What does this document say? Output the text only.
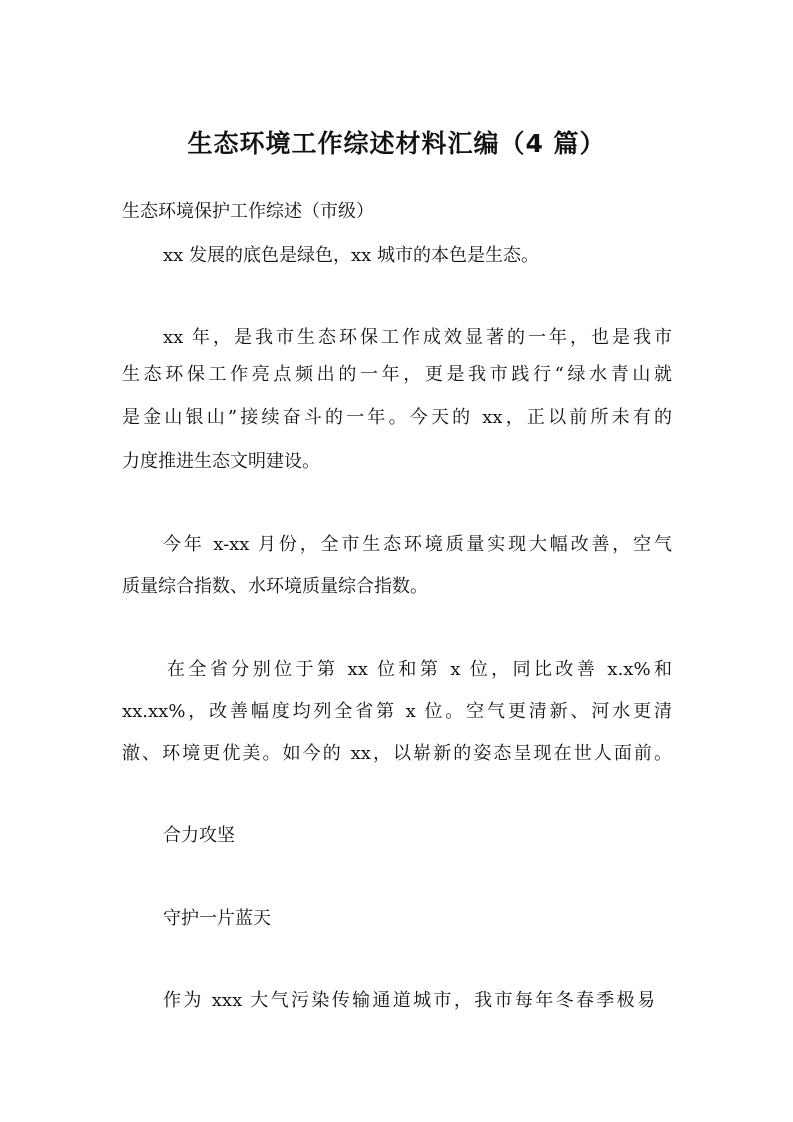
生态环境工作综述材料汇编（4 篇）
生态环境保护工作综述（市级）
xx 发展的底色是绿色，xx 城市的本色是生态。
xx 年，是我市生态环保工作成效显著的一年，也是我市
生态环保工作亮点频出的一年，更是我市践行“绿水青山就
是金山银山”接续奋斗的一年。今天的 xx，正以前所未有的
力度推进生态文明建设。
今年 x-xx 月份，全市生态环境质量实现大幅改善，空气
质量综合指数、水环境质量综合指数。
在全省分别位于第 xx 位和第 x 位，同比改善 x.x%和
xx.xx%，改善幅度均列全省第 x 位。空气更清新、河水更清
澈、环境更优美。如今的 xx，以崭新的姿态呈现在世人面前。
合力攻坚
守护一片蓝天
作为 xxx 大气污染传输通道城市，我市每年冬春季极易
